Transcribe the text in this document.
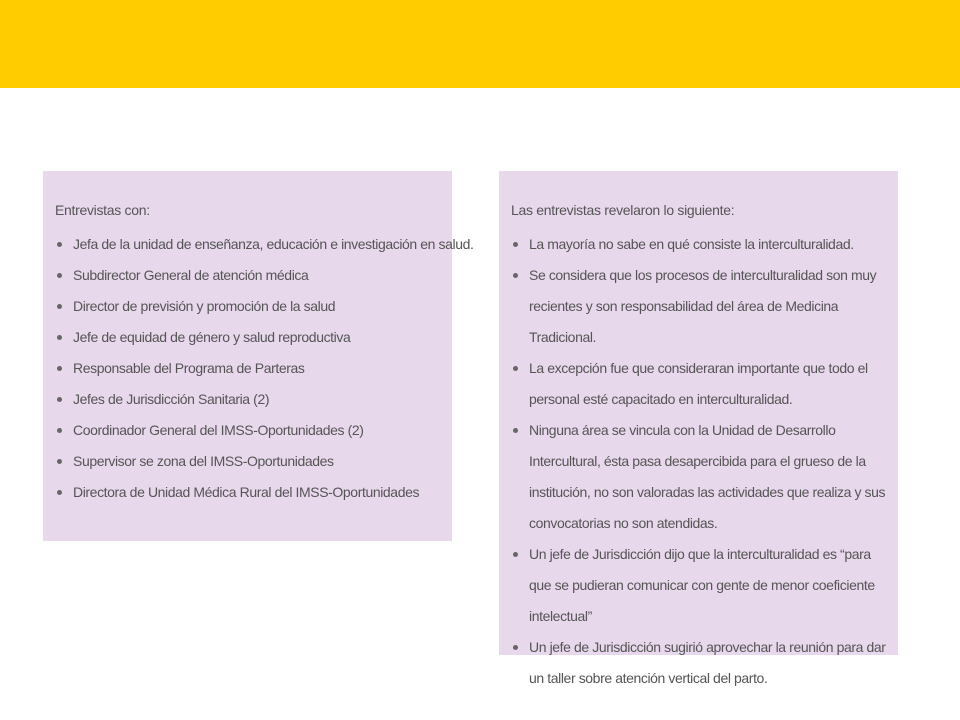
Entrevistas con:
Jefa de la unidad de enseñanza, educación e investigación en salud.
Subdirector General de atención médica
Director de previsión y promoción de la salud
Jefe de equidad de género y salud reproductiva
Responsable del Programa de Parteras
Jefes de Jurisdicción Sanitaria (2)
Coordinador General del IMSS-Oportunidades (2)
Supervisor se zona del IMSS-Oportunidades
Directora de Unidad Médica Rural del IMSS-Oportunidades
Las entrevistas revelaron lo siguiente:
La mayoría no sabe en qué consiste la interculturalidad.
Se considera que los procesos de interculturalidad son muy recientes y son responsabilidad del área de Medicina Tradicional.
La excepción fue que consideraran importante que todo el personal esté capacitado en interculturalidad.
Ninguna área se vincula con la Unidad de Desarrollo Intercultural, ésta pasa desapercibida para el grueso de la institución, no son valoradas las actividades que realiza y sus convocatorias no son atendidas.
Un jefe de Jurisdicción dijo que la interculturalidad es “para que se pudieran comunicar con gente de menor coeficiente intelectual”
Un jefe de Jurisdicción sugirió aprovechar la reunión para dar un taller sobre atención vertical del parto.
